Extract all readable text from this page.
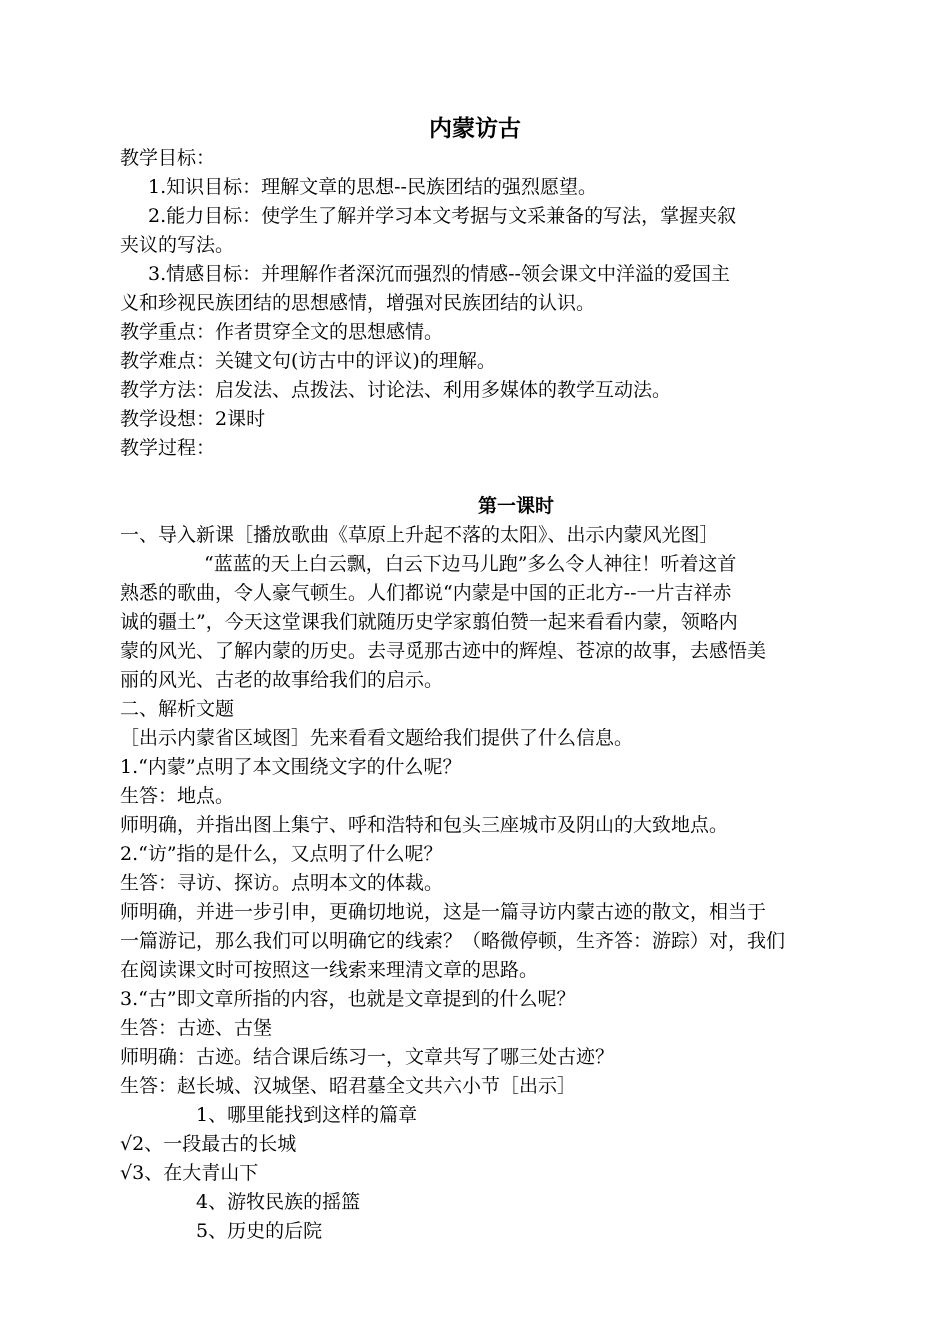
内蒙访古
教学目标：
1.知识目标：理解文章的思想--民族团结的强烈愿望。
2.能力目标：使学生了解并学习本文考据与文采兼备的写法，掌握夹叙
夹议的写法。
3.情感目标：并理解作者深沉而强烈的情感--领会课文中洋溢的爱国主
义和珍视民族团结的思想感情，增强对民族团结的认识。
教学重点：作者贯穿全文的思想感情。
教学难点：关键文句(访古中的评议)的理解。
教学方法：启发法、点拨法、讨论法、利用多媒体的教学互动法。
教学设想：2课时
教学过程：
第一课时
一、导入新课［播放歌曲《草原上升起不落的太阳》、出示内蒙风光图］
“蓝蓝的天上白云飘，白云下边马儿跑”多么令人神往！听着这首
熟悉的歌曲，令人豪气顿生。人们都说“内蒙是中国的正北方--一片吉祥赤
诚的疆土”，今天这堂课我们就随历史学家翦伯赞一起来看看内蒙，领略内
蒙的风光、了解内蒙的历史。去寻觅那古迹中的辉煌、苍凉的故事，去感悟美
丽的风光、古老的故事给我们的启示。
二、解析文题
［出示内蒙省区域图］先来看看文题给我们提供了什么信息。
1.“内蒙”点明了本文围绕文字的什么呢？
生答：地点。
师明确，并指出图上集宁、呼和浩特和包头三座城市及阴山的大致地点。
2.“访”指的是什么，又点明了什么呢？
生答：寻访、探访。点明本文的体裁。
师明确，并进一步引申，更确切地说，这是一篇寻访内蒙古迹的散文，相当于
一篇游记，那么我们可以明确它的线索？（略微停顿，生齐答：游踪）对，我们
在阅读课文时可按照这一线索来理清文章的思路。
3.“古”即文章所指的内容，也就是文章提到的什么呢？
生答：古迹、古堡
师明确：古迹。结合课后练习一，文章共写了哪三处古迹？
生答：赵长城、汉城堡、昭君墓全文共六小节［出示］
1、哪里能找到这样的篇章
√2、一段最古的长城
√3、在大青山下
4、游牧民族的摇篮
5、历史的后院
